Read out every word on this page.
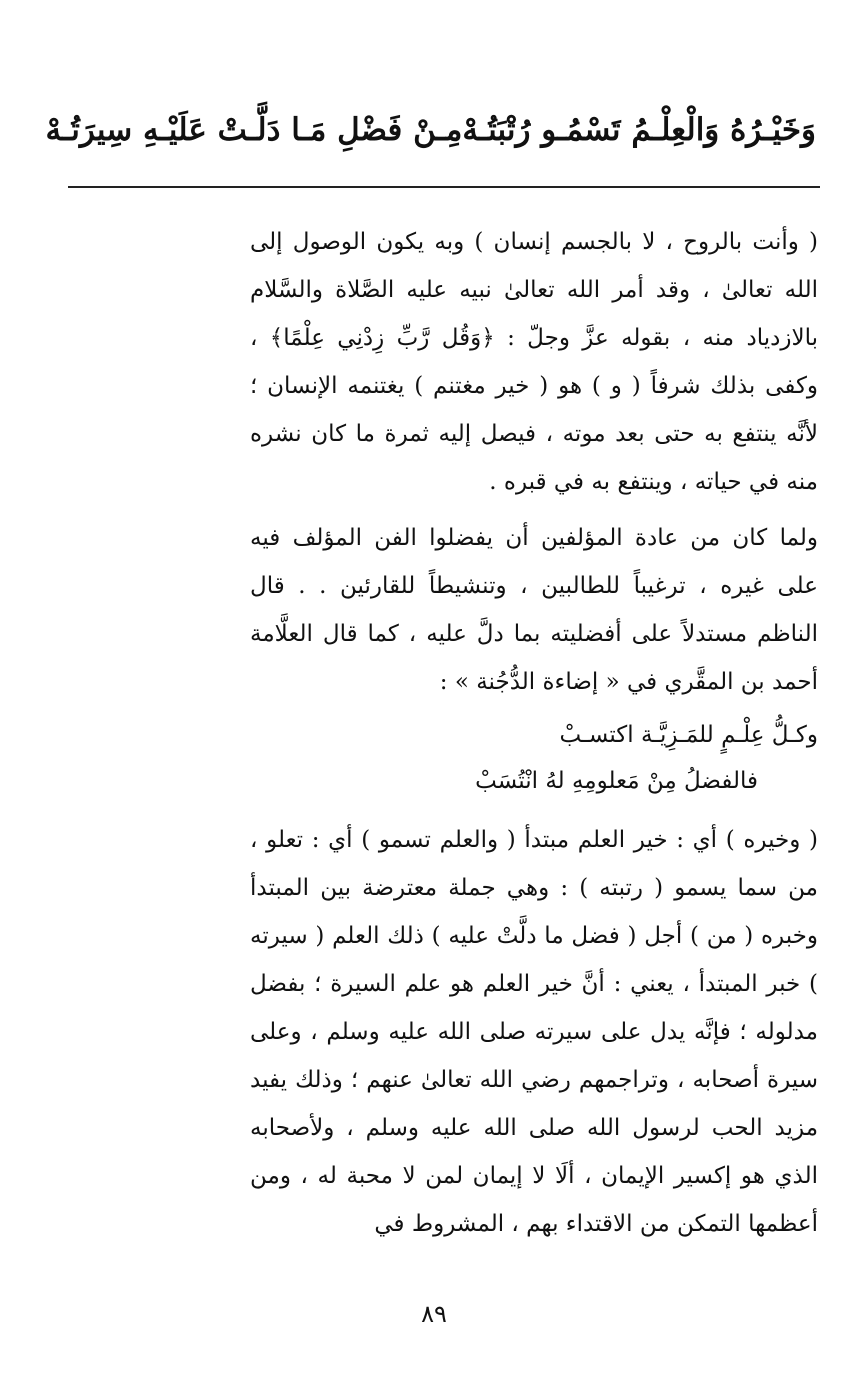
وَخَيْـرُهُ وَالْعِلْـمُ تَسْمُـو رُتْبَتُـهْ
مِـنْ فَضْلِ مَـا دَلَّـتْ عَلَيْـهِ سِيرَتُـهْ

( وأنت بالروح ، لا بالجسم إنسان ) وبه يكون الوصول إلى الله تعالىٰ ، وقد أمر الله تعالىٰ نبيه عليه الصَّلاة والسَّلام بالازدياد منه ، بقوله عزَّ وجلّ : ﴿وَقُل رَّبِّ زِدْنِي عِلْمًا﴾ ، وكفى بذلك شرفاً ( و ) هو ( خير مغتنم ) يغتنمه الإنسان ؛ لأنَّه ينتفع به حتى بعد موته ، فيصل إليه ثمرة ما كان نشره منه في حياته ، وينتفع به في قبره .

ولما كان من عادة المؤلفين أن يفضلوا الفن المؤلف فيه على غيره ، ترغيباً للطالبين ، وتنشيطاً للقارئين . . قال الناظم مستدلاً على أفضليته بما دلَّ عليه ، كما قال العلَّامة أحمد بن المقَّري في « إضاءة الدُّجُنة » :

وكـلُّ عِلْـمٍ للمَـزِيَّـة اكتسـبْ
فالفضلُ مِنْ مَعلومِهِ لهُ انْتُسَبْ

( وخيره ) أي : خير العلم مبتدأ ( والعلم تسمو ) أي : تعلو ، من سما يسمو ( رتبته ) : وهي جملة معترضة بين المبتدأ وخبره ( من ) أجل ( فضل ما دلَّتْ عليه ) ذلك العلم ( سيرته ) خبر المبتدأ ، يعني : أنَّ خير العلم هو علم السيرة ؛ بفضل مدلوله ؛ فإنَّه يدل على سيرته صلى الله عليه وسلم ، وعلى سيرة أصحابه ، وتراجمهم رضي الله تعالىٰ عنهم ؛ وذلك يفيد مزيد الحب لرسول الله صلى الله عليه وسلم ، ولأصحابه الذي هو إكسير الإيمان ، ألَا لا إيمان لمن لا محبة له ، ومن أعظمها التمكن من الاقتداء بهم ، المشروط في

٨٩
